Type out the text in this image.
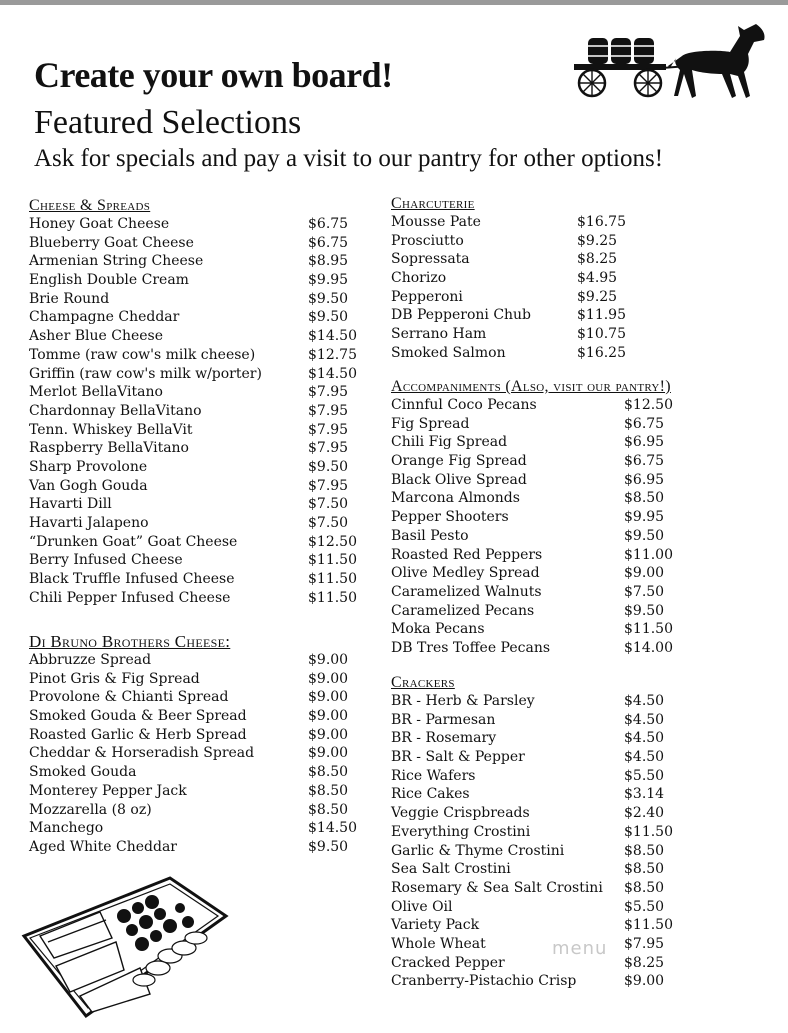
Create your own board!
Featured Selections
Ask for specials and pay a visit to our pantry for other options!
Cheese & Spreads
Honey Goat Cheese	$6.75
Blueberry Goat Cheese	$6.75
Armenian String Cheese	$8.95
English Double Cream	$9.95
Brie Round	$9.50
Champagne Cheddar	$9.50
Asher Blue Cheese	$14.50
Tomme (raw cow's milk cheese)	$12.75
Griffin (raw cow's milk w/porter)	$14.50
Merlot BellaVitano	$7.95
Chardonnay BellaVitano	$7.95
Tenn. Whiskey BellaVit	$7.95
Raspberry BellaVitano	$7.95
Sharp Provolone	$9.50
Van Gogh Gouda	$7.95
Havarti Dill	$7.50
Havarti Jalapeno	$7.50
“Drunken Goat” Goat Cheese	$12.50
Berry Infused Cheese	$11.50
Black Truffle Infused Cheese	$11.50
Chili Pepper Infused Cheese	$11.50
Di Bruno Brothers Cheese:
Abbruzze Spread	$9.00
Pinot Gris & Fig Spread	$9.00
Provolone & Chianti Spread	$9.00
Smoked Gouda & Beer Spread	$9.00
Roasted Garlic & Herb Spread	$9.00
Cheddar & Horseradish Spread	$9.00
Smoked Gouda	$8.50
Monterey Pepper Jack	$8.50
Mozzarella (8 oz)	$8.50
Manchego	$14.50
Aged White Cheddar	$9.50
Charcuterie
Mousse Pate	$16.75
Prosciutto	$9.25
Sopressata	$8.25
Chorizo	$4.95
Pepperoni	$9.25
DB Pepperoni Chub	$11.95
Serrano Ham	$10.75
Smoked Salmon	$16.25
Accompaniments (Also, visit our pantry!)
Cinnful Coco Pecans	$12.50
Fig Spread	$6.75
Chili Fig Spread	$6.95
Orange Fig Spread	$6.75
Black Olive Spread	$6.95
Marcona Almonds	$8.50
Pepper Shooters	$9.95
Basil Pesto	$9.50
Roasted Red Peppers	$11.00
Olive Medley Spread	$9.00
Caramelized Walnuts	$7.50
Caramelized Pecans	$9.50
Moka Pecans	$11.50
DB Tres Toffee Pecans	$14.00
Crackers
BR - Herb & Parsley	$4.50
BR - Parmesan	$4.50
BR - Rosemary	$4.50
BR - Salt & Pepper	$4.50
Rice Wafers	$5.50
Rice Cakes	$3.14
Veggie Crispbreads	$2.40
Everything Crostini	$11.50
Garlic & Thyme Crostini	$8.50
Sea Salt Crostini	$8.50
Rosemary & Sea Salt Crostini $8.50
Olive Oil	$5.50
Variety Pack	$11.50
Whole Wheat	$7.95
Cracked Pepper	$8.25
Cranberry-Pistachio Crisp	$9.00
menu
